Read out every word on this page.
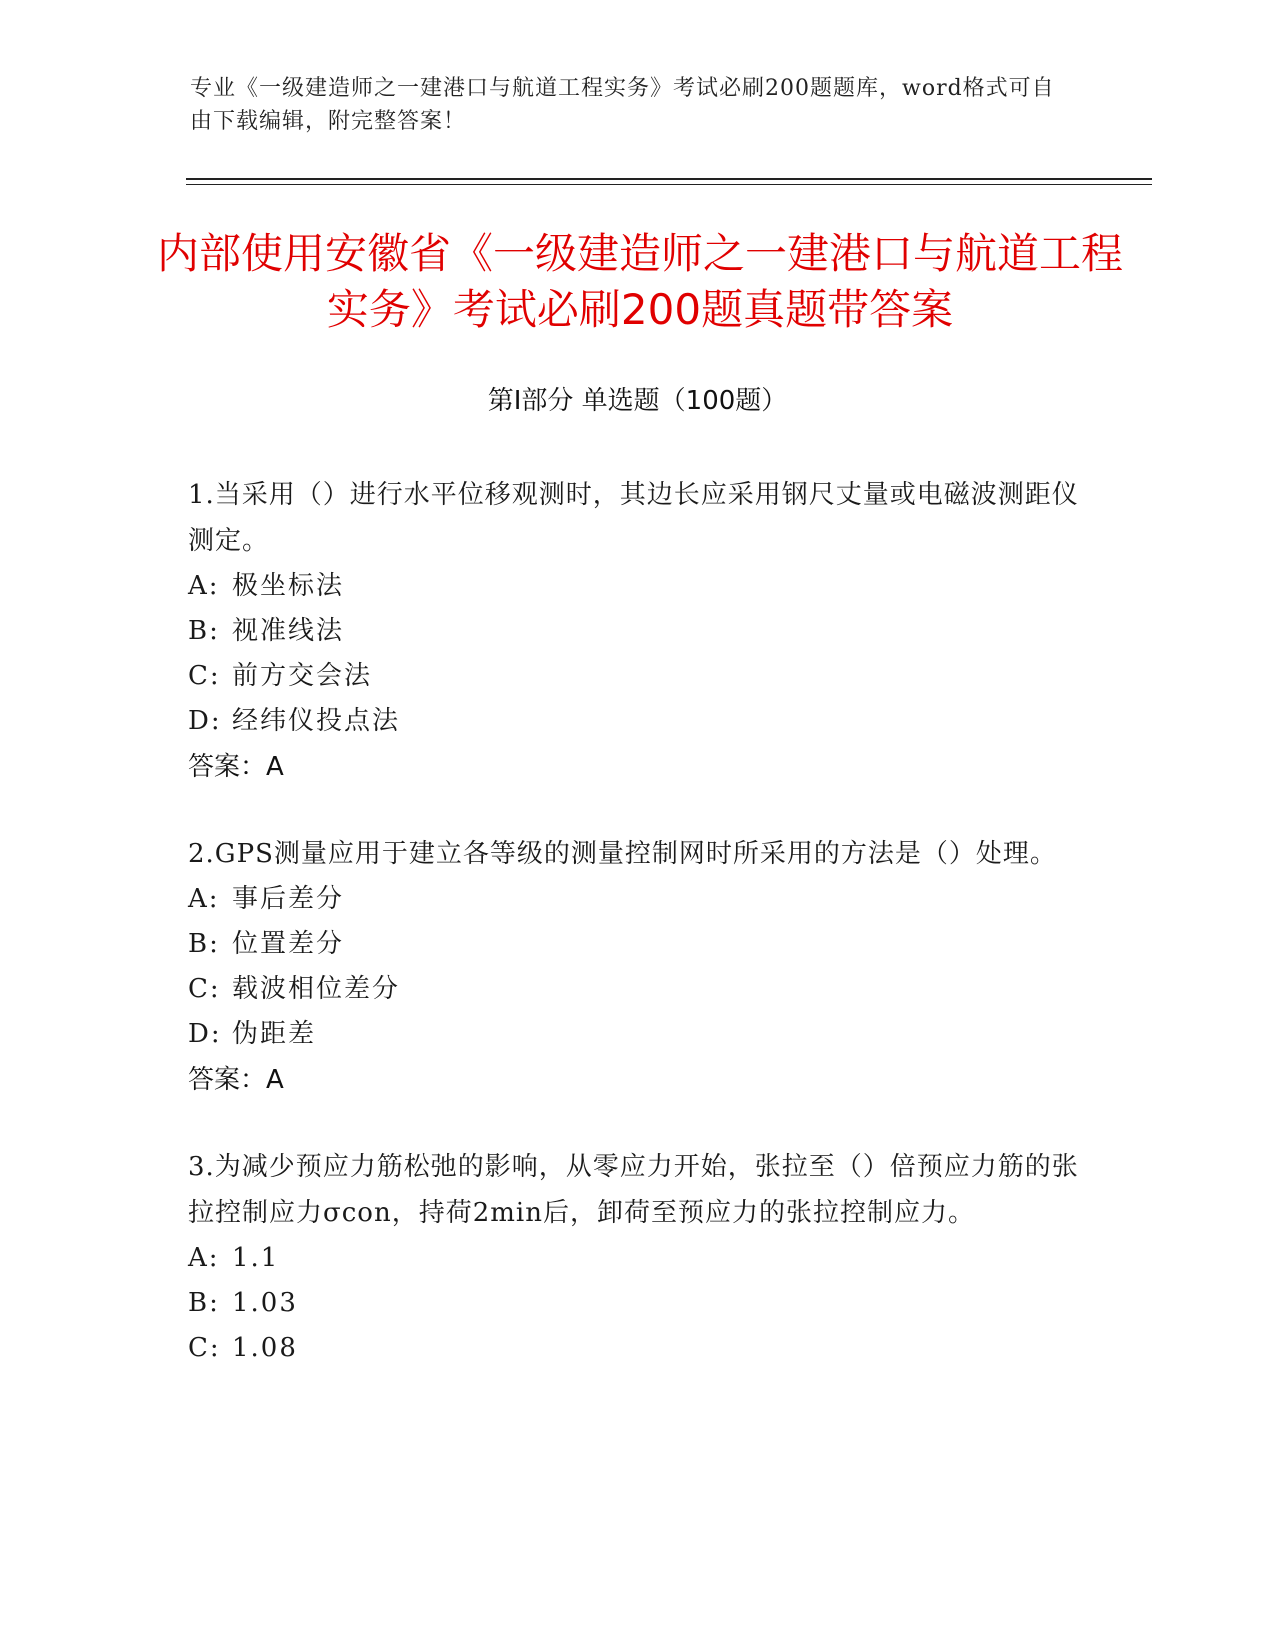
专业《一级建造师之一建港口与航道工程实务》考试必刷200题题库，word格式可自由下载编辑，附完整答案！
内部使用安徽省《一级建造师之一建港口与航道工程实务》考试必刷200题真题带答案
第Ⅰ部分 单选题（100题）
1.当采用（）进行水平位移观测时，其边长应采用钢尺丈量或电磁波测距仪测定。
A: 极坐标法
B: 视准线法
C: 前方交会法
D: 经纬仪投点法
答案：A
2.GPS测量应用于建立各等级的测量控制网时所采用的方法是（）处理。
A: 事后差分
B: 位置差分
C: 载波相位差分
D: 伪距差
答案：A
3.为减少预应力筋松弛的影响，从零应力开始，张拉至（）倍预应力筋的张拉控制应力σcon，持荷2min后，卸荷至预应力的张拉控制应力。
A: 1.1
B: 1.03
C: 1.08
